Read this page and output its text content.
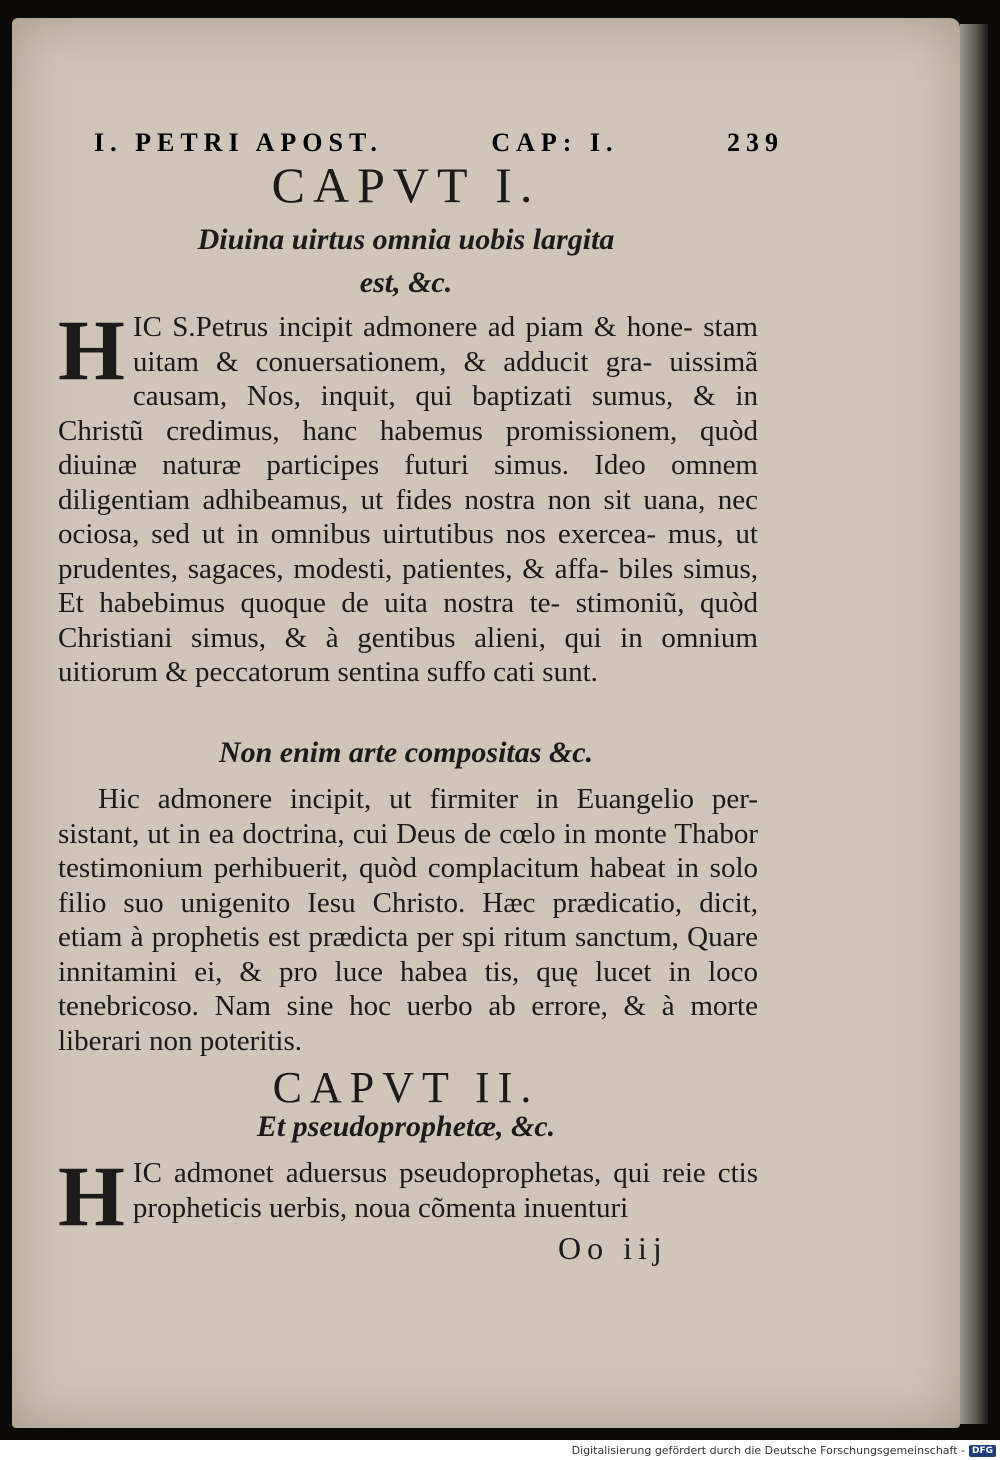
I. PETRI APOST.	CAP: I.	239
CAPVT I.
Diuina uirtus omnia uobis largita
est, &c.
H IC S.Petrus incipit admonere ad piam & hone- stam uitam & conuersationem, & adducit gra- uissimã causam, Nos, inquit, qui baptizati sumus, & in Christũ credimus, hanc habemus promissionem, quòd diuinæ naturæ participes futuri simus. Ideo omnem diligentiam adhibeamus, ut fides nostra non sit uana, nec ociosa, sed ut in omnibus uirtutibus nos exercea- mus, ut prudentes, sagaces, modesti, patientes, & affa- biles simus, Et habebimus quoque de uita nostra te- stimoniũ, quòd Christiani simus, & à gentibus alieni, qui in omnium uitiorum & peccatorum sentina suffo cati sunt.
Non enim arte compositas &c.
Hic admonere incipit, ut firmiter in Euangelio per- sistant, ut in ea doctrina, cui Deus de cœlo in monte Thabor testimonium perhibuerit, quòd complacitum habeat in solo filio suo unigenito Iesu Christo. Hæc prædicatio, dicit, etiam à prophetis est prædicta per spi ritum sanctum, Quare innitamini ei, & pro luce habea tis, quę lucet in loco tenebricoso. Nam sine hoc uerbo ab errore, & à morte liberari non poteritis.
CAPVT II.
Et pseudoprophetæ, &c.
H IC admonet aduersus pseudoprophetas, qui reie ctis propheticis uerbis, noua cõmenta inuenturi
Oo iij
Digitalisierung gefördert durch die Deutsche Forschungsgemeinschaft - DFG
